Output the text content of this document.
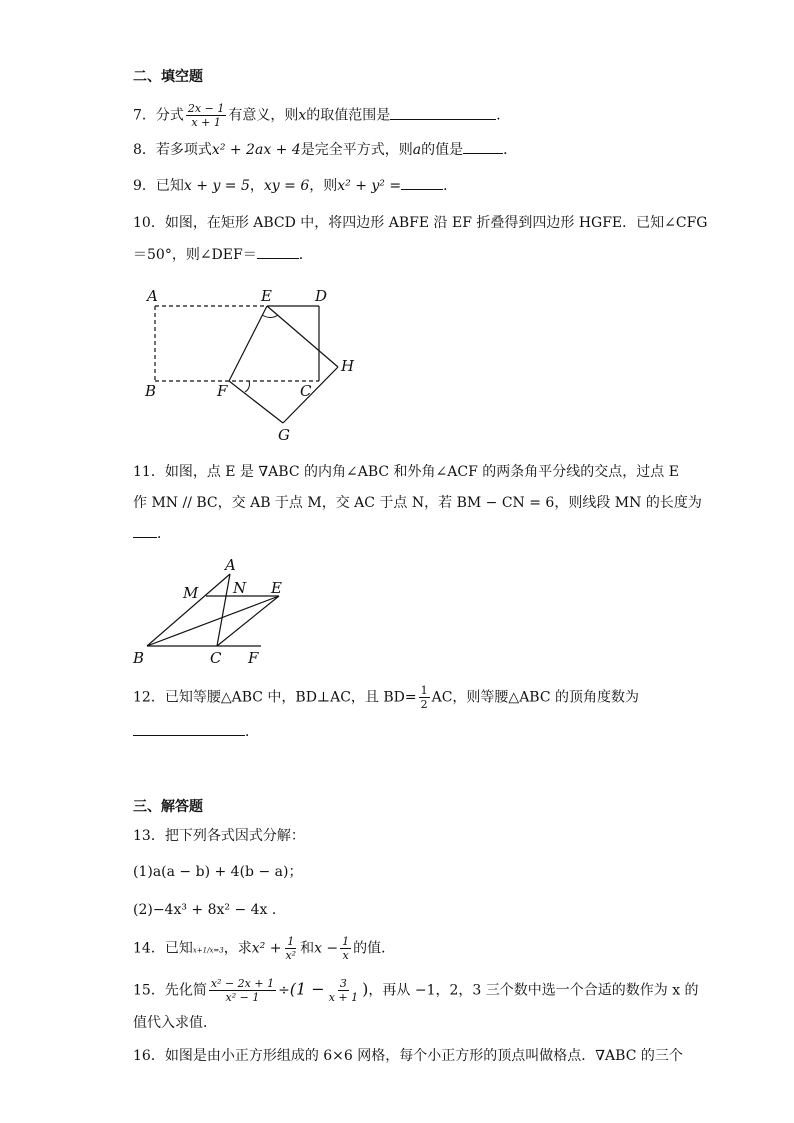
二、填空题
7．分式 $\frac{2x - 1}{x + 1}$ 有意义，则x的取值范围是	．
8．若多项式x² + 2ax + 4是完全平方式，则a的值是	．
9．已知x + y = 5，xy = 6，则x² + y² =	．
10．如图，在矩形 ABCD 中，将四边形 ABFE 沿 EF 折叠得到四边形 HGFE．已知∠CFG
＝50°，则∠DEF＝	．
A	E	D
H
B	F	C
G
11．如图，点 E 是 ∇ABC 的内角∠ABC 和外角∠ACF 的两条角平分线的交点，过点 E
作 MN // BC，交 AB 于点 M，交 AC 于点 N，若 BM − CN = 6，则线段 MN 的长度为
．
A
M N E
B	C F
12．已知等腰△ABC 中，BD⊥AC，且 $BD= \frac{1}{2}$ AC，则等腰△ABC 的顶角度数为
．
三、解答题
13．把下列各式因式分解：
(1)a(a − b) + 4(b − a)；
(2)−4x³ + 8x² − 4x ．
14．已知x+1/x=3，求$x^2 + \frac{1}{\text{x²}}$ 和$x - \frac{1}{x}$ 的值．
15．先化简 $\frac{\text{x² − 2x + 1}}{\text{x² − 1}} \div(1 - \frac{3}{x + 1}$ )，再从 −1，2，3 三个数中选一个合适的数作为 x 的
值代入求值．
16．如图是由小正方形组成的 6×6 网格，每个小正方形的顶点叫做格点．∇ABC 的三个
